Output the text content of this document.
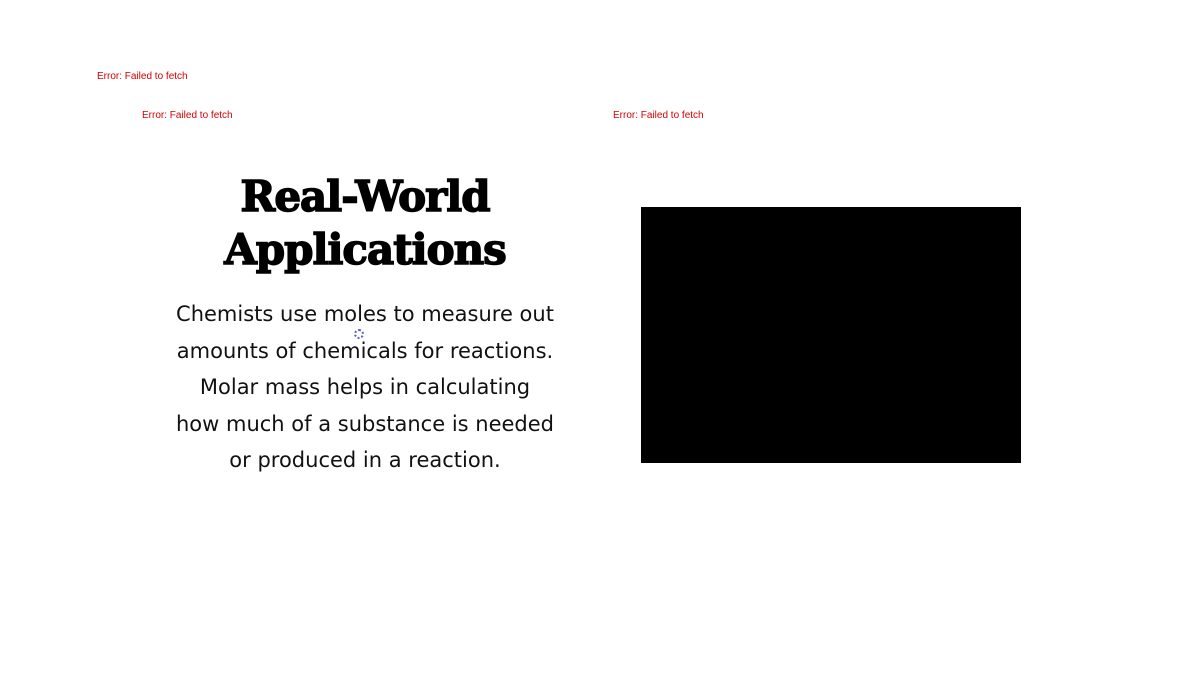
Error: Failed to fetch
Error: Failed to fetch	Error: Failed to fetch
Real-World Applications
Chemists use moles to measure out amounts of chemicals for reactions. Molar mass helps in calculating how much of a substance is needed or produced in a reaction.
